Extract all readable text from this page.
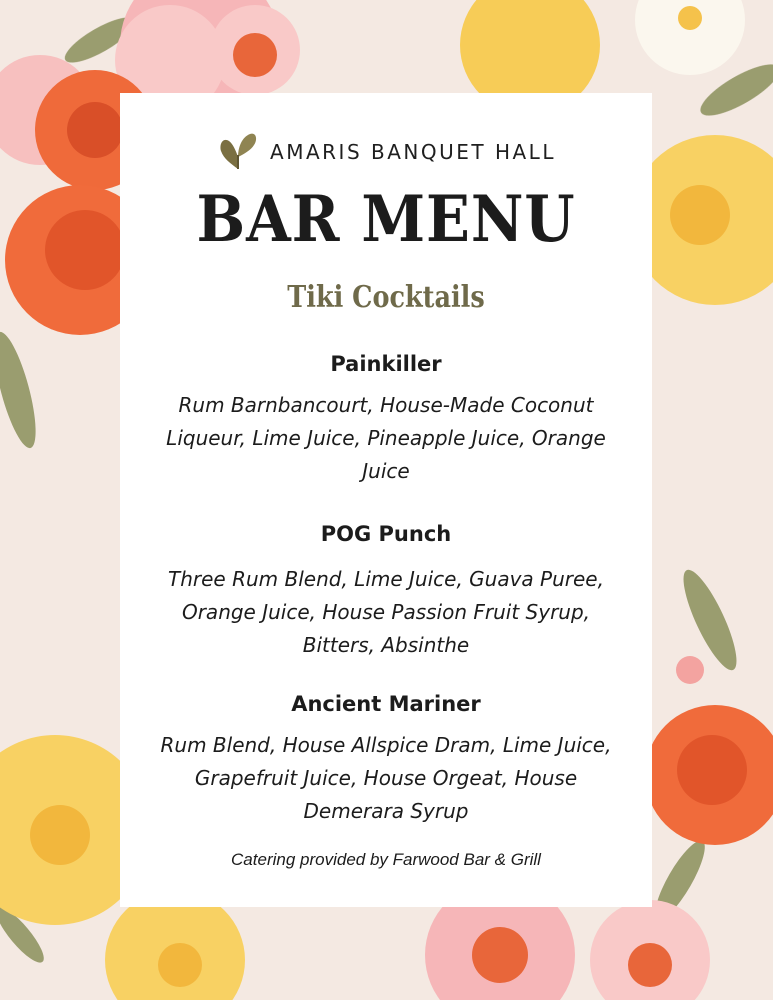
AMARIS BANQUET HALL
BAR MENU
Tiki Cocktails
Painkiller
Rum Barnbancourt, House-Made Coconut Liqueur, Lime Juice, Pineapple Juice, Orange Juice
POG Punch
Three Rum Blend, Lime Juice, Guava Puree, Orange Juice, House Passion Fruit Syrup, Bitters, Absinthe
Ancient Mariner
Rum Blend, House Allspice Dram, Lime Juice, Grapefruit Juice, House Orgeat, House Demerara Syrup
Catering provided by Farwood Bar & Grill
